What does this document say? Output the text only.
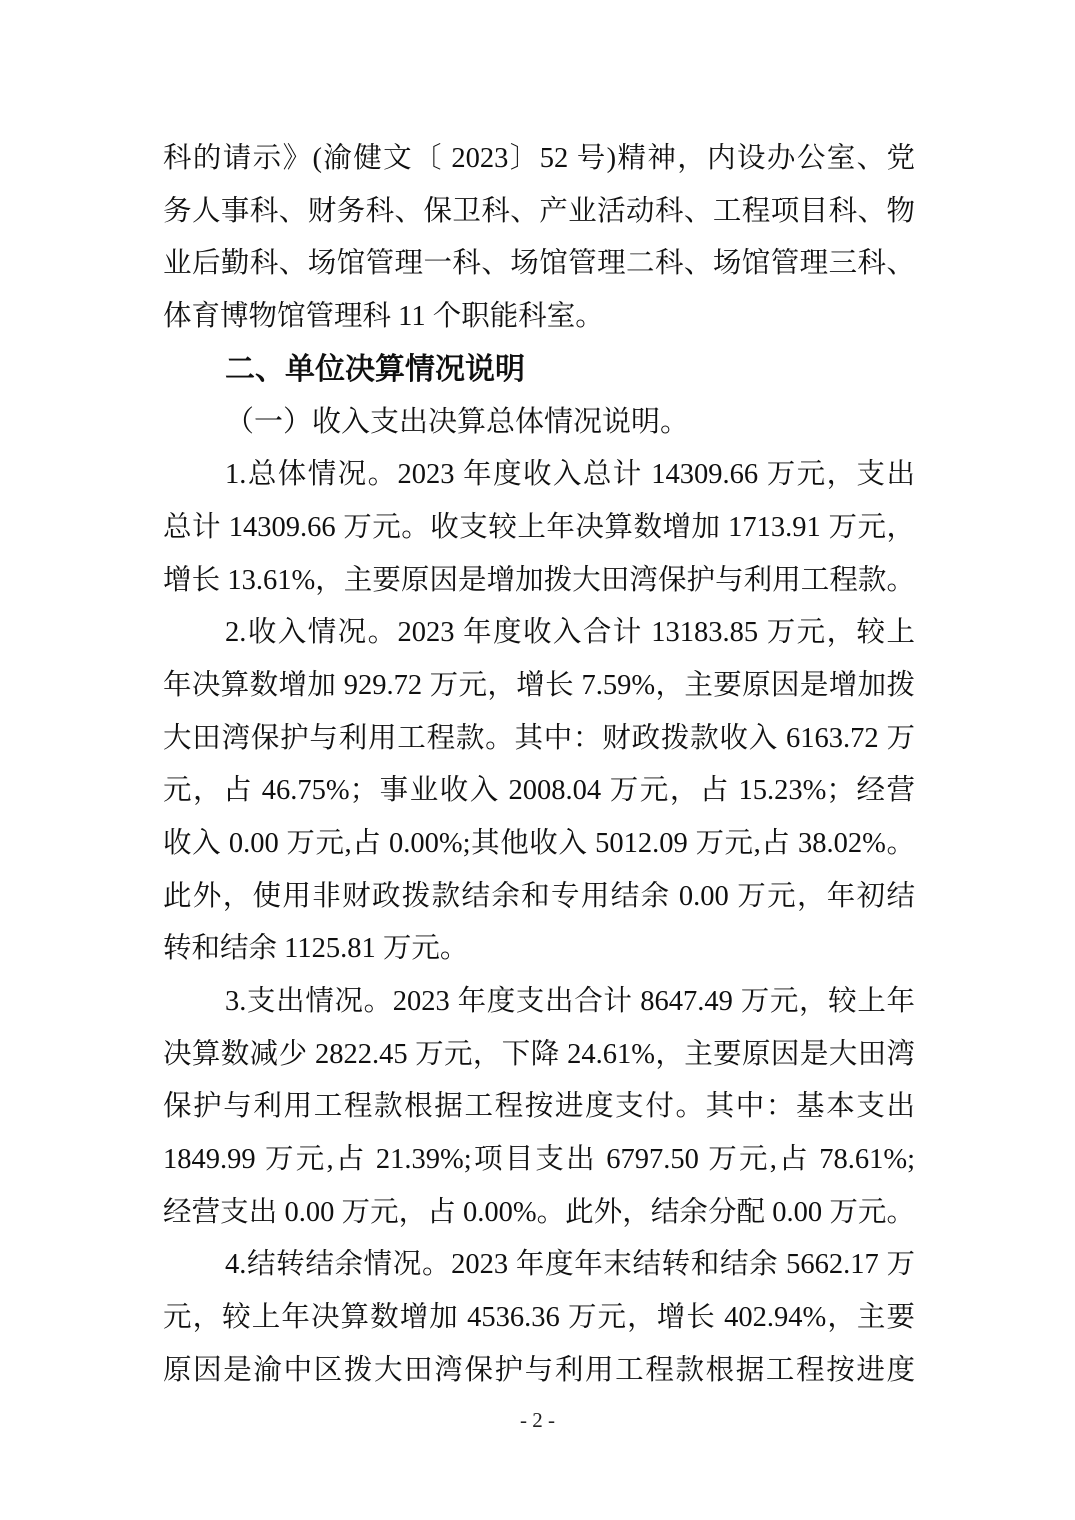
科的请示》(渝健文〔 2023〕52 号)精神，内设办公室、党
务人事科、财务科、保卫科、产业活动科、工程项目科、物
业后勤科、场馆管理一科、场馆管理二科、场馆管理三科、
体育博物馆管理科 11 个职能科室。
二、单位决算情况说明
（一）收入支出决算总体情况说明。
1.总体情况。2023 年度收入总计 14309.66 万元，支出
总计 14309.66 万元。收支较上年决算数增加 1713.91 万元，
增长 13.61%，主要原因是增加拨大田湾保护与利用工程款。
2.收入情况。2023 年度收入合计 13183.85 万元，较上
年决算数增加 929.72 万元，增长 7.59%，主要原因是增加拨
大田湾保护与利用工程款。其中：财政拨款收入 6163.72 万
元，占 46.75%；事业收入 2008.04 万元，占 15.23%；经营
收入 0.00 万元,占 0.00%;其他收入 5012.09 万元,占 38.02%。
此外，使用非财政拨款结余和专用结余 0.00 万元，年初结
转和结余 1125.81 万元。
3.支出情况。2023 年度支出合计 8647.49 万元，较上年
决算数减少 2822.45 万元，下降 24.61%，主要原因是大田湾
保护与利用工程款根据工程按进度支付。其中：基本支出
1849.99 万元,占 21.39%;项目支出 6797.50 万元,占 78.61%;
经营支出 0.00 万元，占 0.00%。此外，结余分配 0.00 万元。
4.结转结余情况。2023 年度年末结转和结余 5662.17 万
元，较上年决算数增加 4536.36 万元，增长 402.94%，主要
原因是渝中区拨大田湾保护与利用工程款根据工程按进度
- 2 -
